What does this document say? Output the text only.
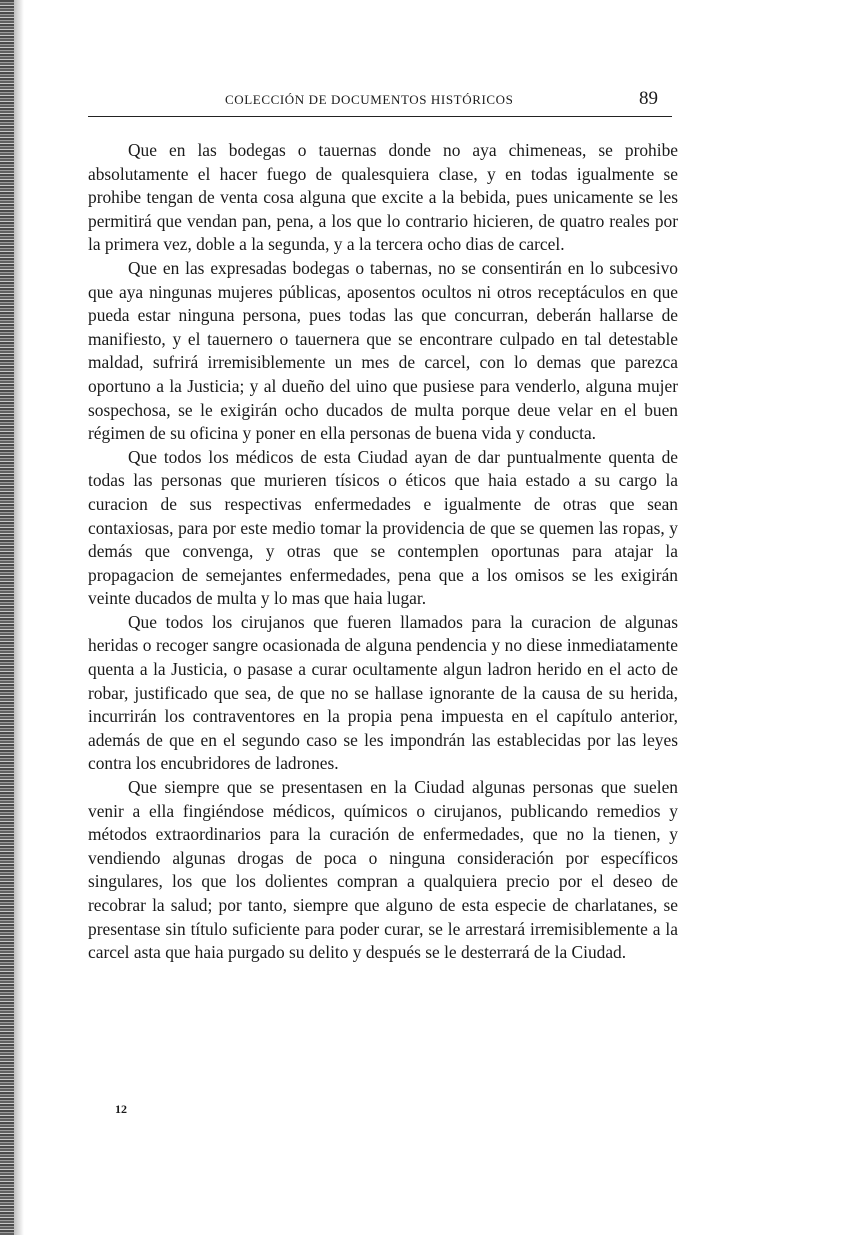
COLECCIÓN DE DOCUMENTOS HISTÓRICOS	89

Que en las bodegas o tauernas donde no aya chimeneas, se prohibe absolutamente el hacer fuego de qualesquiera clase, y en todas igualmente se prohibe tengan de venta cosa alguna que excite a la bebida, pues unicamente se les permitirá que vendan pan, pena, a los que lo contrario hicieren, de quatro reales por la primera vez, doble a la segunda, y a la tercera ocho dias de carcel.

Que en las expresadas bodegas o tabernas, no se consentirán en lo subcesivo que aya ningunas mujeres públicas, aposentos ocultos ni otros receptáculos en que pueda estar ninguna persona, pues todas las que concurran, deberán hallarse de manifiesto, y el tauernero o tauernera que se encontrare culpado en tal detestable maldad, sufrirá irremisiblemente un mes de carcel, con lo demas que parezca oportuno a la Justicia; y al dueño del uino que pusiese para venderlo, alguna mujer sospechosa, se le exigirán ocho ducados de multa porque deue velar en el buen régimen de su oficina y poner en ella personas de buena vida y conducta.

Que todos los médicos de esta Ciudad ayan de dar puntualmente quenta de todas las personas que murieren tísicos o éticos que haia estado a su cargo la curacion de sus respectivas enfermedades e igualmente de otras que sean contaxiosas, para por este medio tomar la providencia de que se quemen las ropas, y demás que convenga, y otras que se contemplen oportunas para atajar la propagacion de semejantes enfermedades, pena que a los omisos se les exigirán veinte ducados de multa y lo mas que haia lugar.

Que todos los cirujanos que fueren llamados para la curacion de algunas heridas o recoger sangre ocasionada de alguna pendencia y no diese inmediatamente quenta a la Justicia, o pasase a curar ocultamente algun ladron herido en el acto de robar, justificado que sea, de que no se hallase ignorante de la causa de su herida, incurrirán los contraventores en la propia pena impuesta en el capítulo anterior, además de que en el segundo caso se les impondrán las establecidas por las leyes contra los encubridores de ladrones.

Que siempre que se presentasen en la Ciudad algunas personas que suelen venir a ella fingiéndose médicos, químicos o cirujanos, publicando remedios y métodos extraordinarios para la curación de enfermedades, que no la tienen, y vendiendo algunas drogas de poca o ninguna consideración por específicos singulares, los que los dolientes compran a qualquiera precio por el deseo de recobrar la salud; por tanto, siempre que alguno de esta especie de charlatanes, se presentase sin título suficiente para poder curar, se le arrestará irremisiblemente a la carcel asta que haia purgado su delito y después se le desterrará de la Ciudad.

12
